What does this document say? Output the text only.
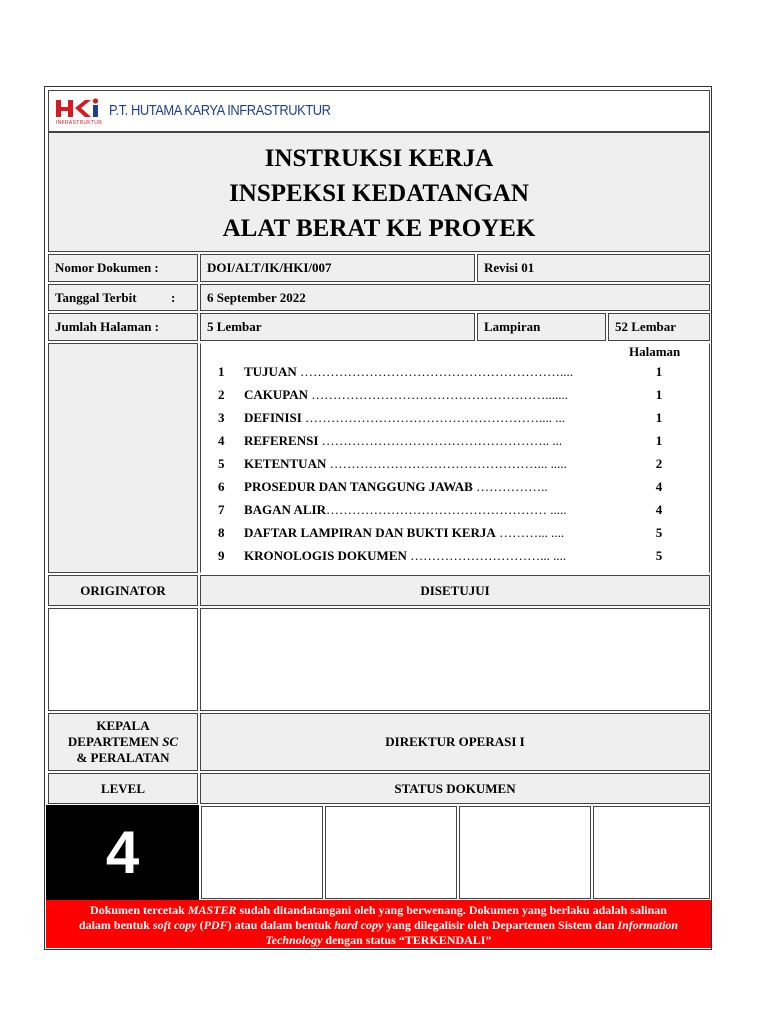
INFRASTRUKTUR
P.T. HUTAMA KARYA INFRASTRUKTUR
INSTRUKSI KERJA
INSPEKSI KEDATANGAN
ALAT BERAT KE PROYEK
Nomor Dokumen :	DOI/ALT/IK/HKI/007	Revisi 01
Tanggal Terbit	:	6 September 2022
Jumlah Halaman :	5 Lembar	Lampiran	52 Lembar
Halaman
1 TUJUAN ……………………………………………………....	1
2 CAKUPAN ……………………………………………….......	1
3 DEFINISI ……………………………………………….... ...	1
4 REFERENSI …………………………………………….. ...	1
5 KETENTUAN …………………………………………... .....	2
6 PROSEDUR DAN TANGGUNG JAWAB ……………..	4
7 BAGAN ALIR…………………………………………… .....	4
8 DAFTAR LAMPIRAN DAN BUKTI KERJA ………... ....	5
9 KRONOLOGIS DOKUMEN …………………………... ....	5
ORIGINATOR	DISETUJUI
KEPALA
DEPARTEMEN SC
& PERALATAN
DIREKTUR OPERASI I
LEVEL	STATUS DOKUMEN
4
Dokumen tercetak MASTER sudah ditandatangani oleh yang berwenang. Dokumen yang berlaku adalah salinan
dalam bentuk soft copy (PDF) atau dalam bentuk hard copy yang dilegalisir oleh Departemen Sistem dan Information
Technology dengan status “TERKENDALI”
